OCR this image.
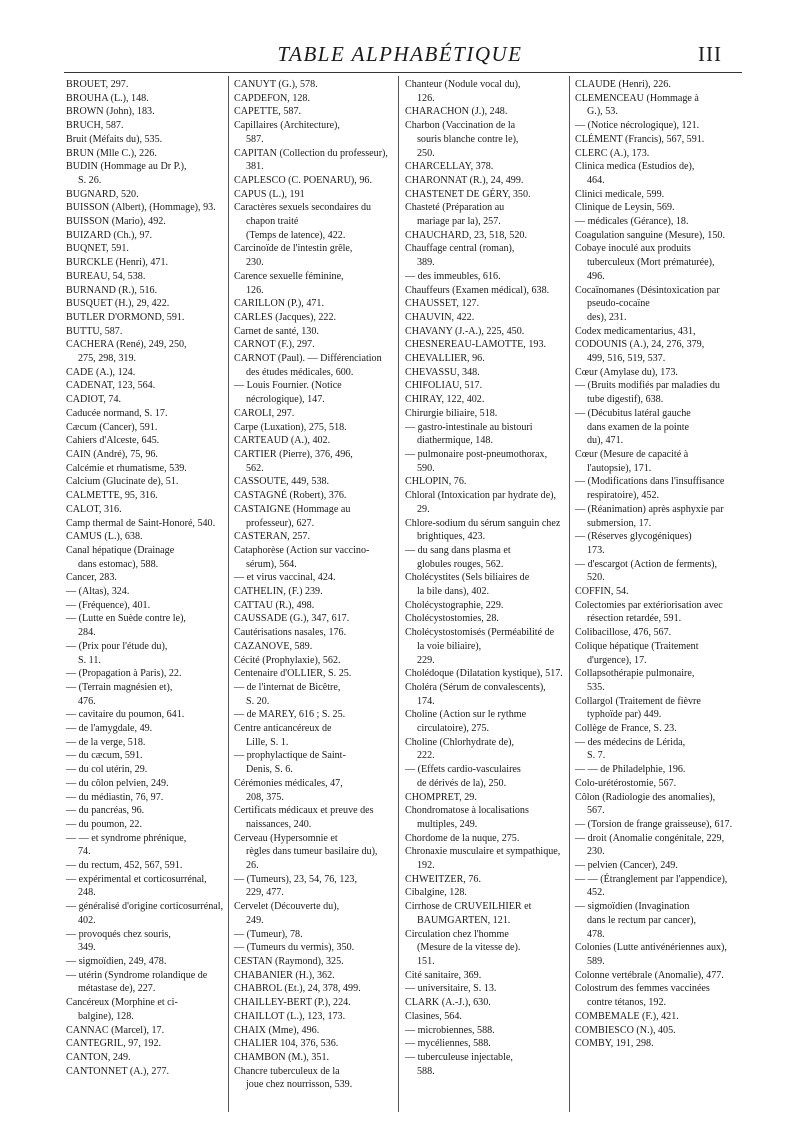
TABLE ALPHABÉTIQUE	III

BROUET, 297.

BROUHA (L.), 148.

BROWN (John), 183.

BRUCH, 587.

Bruit (Méfaits du), 535.

BRUN (Mlle C.), 226.

BUDIN (Hommage au Dr P.),
S. 26.

BUGNARD, 520.

BUISSON (Albert), (Hommage), 93.

BUISSON (Mario), 492.

BUIZARD (Ch.), 97.

BUQNET, 591.

BURCKLE (Henri), 471.

BUREAU, 54, 538.

BURNAND (R.), 516.

BUSQUET (H.), 29, 422.

BUTLER D'ORMOND, 591.

BUTTU, 587.

CACHERA (René), 249, 250,
275, 298, 319.

CADE (A.), 124.

CADENAT, 123, 564.

CADIOT, 74.

Caducée normand, S. 17.

Cæcum (Cancer), 591.

Cahiers d'Alceste, 645.

CAIN (André), 75, 96.

Calcémie et rhumatisme, 539.

Calcium (Glucinate de), 51.

CALMETTE, 95, 316.

CALOT, 316.

Camp thermal de Saint-Honoré, 540.

CAMUS (L.), 638.

Canal hépatique (Drainage
dans estomac), 588.

Cancer, 283.

— (Altas), 324.

— (Fréquence), 401.

— (Lutte en Suède contre le),
284.

— (Prix pour l'étude du),
S. 11.

— (Propagation à Paris), 22.

— (Terrain magnésien et),
476.

— cavitaire du poumon, 641.

— de l'amygdale, 49.

— de la verge, 518.

— du cæcum, 591.

— du col utérin, 29.

— du côlon pelvien, 249.

— du médiastin, 76, 97.

— du pancréas, 96.

— du poumon, 22.

— — et syndrome phrénique,
74.

— du rectum, 452, 567, 591.

— expérimental et corticosurrénal, 248.

— généralisé d'origine corticosurrénal, 402.

— provoqués chez souris,
349.

— sigmoïdien, 249, 478.

— utérin (Syndrome rolandique de métastase de), 227.

Cancéreux (Morphine et ci-
balgine), 128.

CANNAC (Marcel), 17.

CANTEGRIL, 97, 192.

CANTON, 249.

CANTONNET (A.), 277.

CANUYT (G.), 578.

CAPDEFON, 128.

CAPETTE, 587.

Capillaires (Architecture),
587.

CAPITAN (Collection du professeur), 381.

CAPLESCO (C. POENARU), 96.

CAPUS (L.), 191

Caractères sexuels secondaires du chapon traité
(Temps de latence), 422.

Carcinoïde de l'intestin grêle,
230.

Carence sexuelle féminine,
126.

CARILLON (P.), 471.

CARLES (Jacques), 222.

Carnet de santé, 130.

CARNOT (F.), 297.

CARNOT (Paul). — Différenciation des études médicales, 600.

— Louis Fournier. (Notice
nécrologique), 147.

CAROLI, 297.

Carpe (Luxation), 275, 518.

CARTEAUD (A.), 402.

CARTIER (Pierre), 376, 496,
562.

CASSOUTE, 449, 538.

CASTAGNÉ (Robert), 376.

CASTAIGNE (Hommage au
professeur), 627.

CASTERAN, 257.

Cataphorèse (Action sur vaccino-sérum), 564.

— et virus vaccinal, 424.

CATHELIN, (F.) 239.

CATTAU (R.), 498.

CAUSSADE (G.), 347, 617.

Cautérisations nasales, 176.

CAZANOVE, 589.

Cécité (Prophylaxie), 562.

Centenaire d'OLLIER, S. 25.

— de l'internat de Bicêtre,
S. 20.

— de MAREY, 616 ; S. 25.

Centre anticancéreux de
Lille, S. 1.

— prophylactique de Saint-
Denis, S. 6.

Cérémonies médicales, 47,
208, 375.

Certificats médicaux et preuve des naissances, 240.

Cerveau (Hypersomnie et
règles dans tumeur basilaire du), 26.

— (Tumeurs), 23, 54, 76, 123,
229, 477.

Cervelet (Découverte du),
249.

— (Tumeur), 78.

— (Tumeurs du vermis), 350.

CESTAN (Raymond), 325.

CHABANIER (H.), 362.

CHABROL (Et.), 24, 378, 499.

CHAILLEY-BERT (P.), 224.

CHAILLOT (L.), 123, 173.

CHAIX (Mme), 496.

CHALIER 104, 376, 536.

CHAMBON (M.), 351.

Chancre tuberculeux de la
joue chez nourrisson, 539.

Chanteur (Nodule vocal du),
126.

CHARACHON (J.), 248.

Charbon (Vaccination de la
souris blanche contre le),
250.

CHARCELLAY, 378.

CHARONNAT (R.), 24, 499.

CHASTENET DE GÉRY, 350.

Chasteté (Préparation au
mariage par la), 257.

CHAUCHARD, 23, 518, 520.

Chauffage central (roman),
389.

— des immeubles, 616.

Chauffeurs (Examen médical), 638.

CHAUSSET, 127.

CHAUVIN, 422.

CHAVANY (J.-A.), 225, 450.

CHESNEREAU-LAMOTTE, 193.

CHEVALLIER, 96.

CHEVASSU, 348.

CHIFOLIAU, 517.

CHIRAY, 122, 402.

Chirurgie biliaire, 518.

— gastro-intestinale au bistouri diathermique, 148.

— pulmonaire post-pneumothorax, 590.

CHLOPIN, 76.

Chloral (Intoxication par hydrate de), 29.

Chlore-sodium du sérum sanguin chez brightiques, 423.

— du sang dans plasma et
globules rouges, 562.

Cholécystites (Sels biliaires de
la bile dans), 402.

Cholécystographie, 229.

Cholécystostomies, 28.

Cholécystostomisés (Perméabilité de la voie biliaire),
229.

Cholédoque (Dilatation kystique), 517.

Choléra (Sérum de convalescents), 174.

Choline (Action sur le rythme
circulatoire), 275.

Choline (Chlorhydrate de),
222.

— (Effets cardio-vasculaires
de dérivés de la), 250.

CHOMPRET, 29.

Chondromatose à localisations multiples, 249.

Chordome de la nuque, 275.

Chronaxie musculaire et sympathique, 192.

CHWEITZER, 76.

Cibalgine, 128.

Cirrhose de CRUVEILHIER et
BAUMGARTEN, 121.

Circulation chez l'homme
(Mesure de la vitesse de).
151.

Cité sanitaire, 369.

— universitaire, S. 13.

CLARK (A.-J.), 630.

Clasines, 564.

— microbiennes, 588.

— mycéliennes, 588.

— tuberculeuse injectable,
588.

CLAUDE (Henri), 226.

CLEMENCEAU (Hommage à
G.), 53.

— (Notice nécrologique), 121.

CLÉMENT (Francis), 567, 591.

CLERC (A.), 173.

Clinica medica (Estudios de),
464.

Clinici medicale, 599.

Clinique de Leysin, 569.

— médicales (Gérance), 18.

Coagulation sanguine (Mesure), 150.

Cobaye inoculé aux produits
tuberculeux (Mort prématurée), 496.

Cocaïnomanes (Désintoxication par pseudo-cocaïne
des), 231.

Codex medicamentarius, 431,

CODOUNIS (A.), 24, 276, 379,
499, 516, 519, 537.

Cœur (Amylase du), 173.

— (Bruits modifiés par maladies du tube digestif), 638.

— (Décubitus latéral gauche
dans examen de la pointe
du), 471.

Cœur (Mesure de capacité à
l'autopsie), 171.

— (Modifications dans l'insuffisance respiratoire), 452.

— (Réanimation) après asphyxie par submersion, 17.

— (Réserves glycogéniques)
173.

— d'escargot (Action de ferments), 520.

COFFIN, 54.

Colectomies par extériorisation avec résection retardée, 591.

Colibacillose, 476, 567.

Colique hépatique (Traitement d'urgence), 17.

Collapsothérapie pulmonaire,
535.

Collargol (Traitement de fièvre typhoïde par) 449.

Collège de France, S. 23.

— des médecins de Lérida,
S. 7.

— — de Philadelphie, 196.

Colo-urétérostomie, 567.

Côlon (Radiologie des anomalies), 567.

— (Torsion de frange graisseuse), 617.

— droit (Anomalie congénitale, 229, 230.

— pelvien (Cancer), 249.

— — (Étranglement par l'appendice), 452.

— sigmoïdien (Invagination
dans le rectum par cancer),
478.

Colonies (Lutte antivénériennes aux), 589.

Colonne vertébrale (Anomalie), 477.

Colostrum des femmes vaccinées contre tétanos, 192.

COMBEMALE (F.), 421.

COMBIESCO (N.), 405.

COMBY, 191, 298.
